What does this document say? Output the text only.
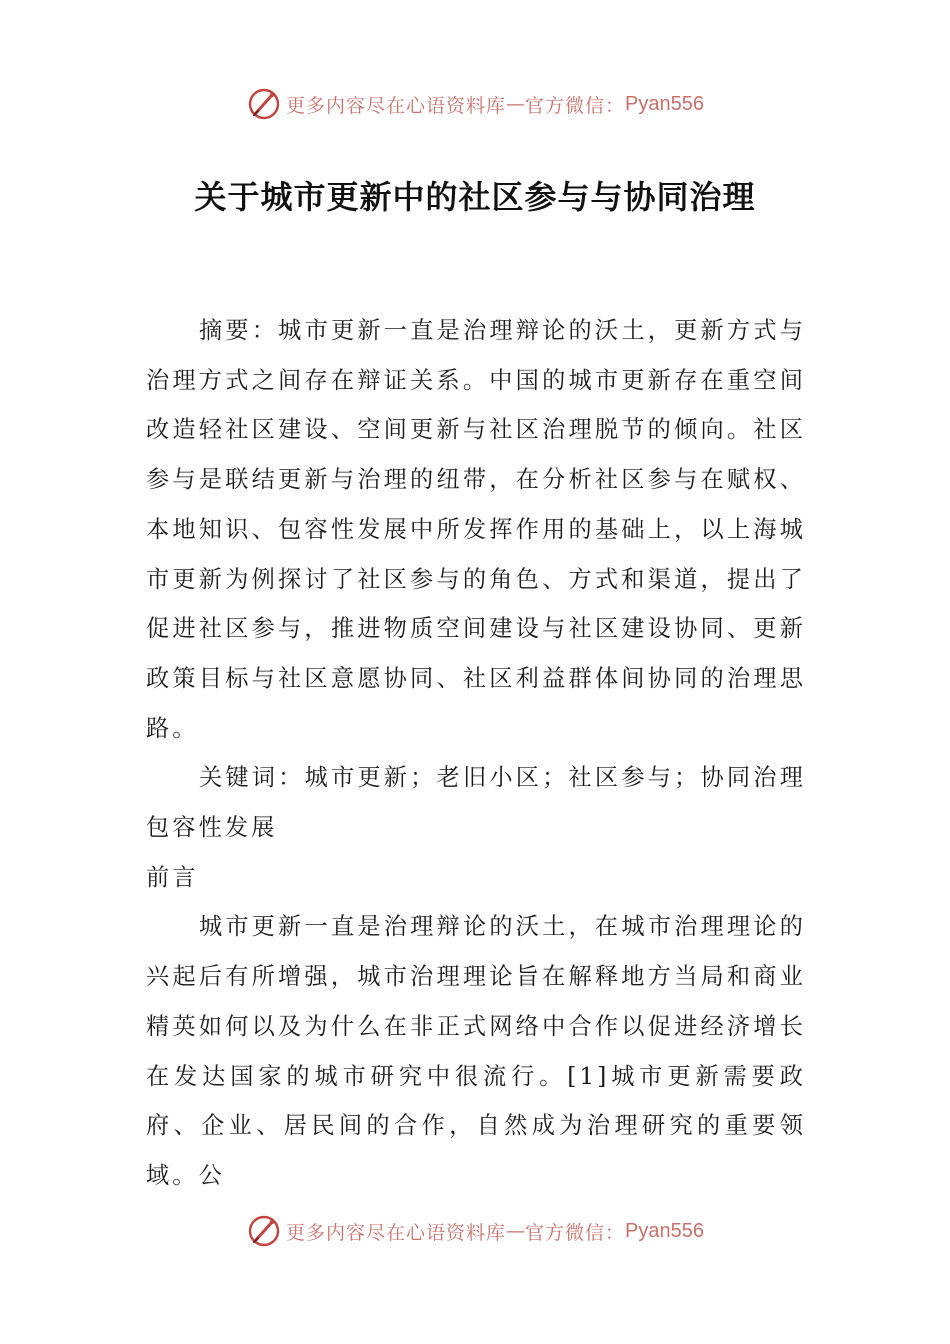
更多内容尽在心语资料库 — 官方微信： Pyan556
关于城市更新中的社区参与与协同治理

摘要：城市更新一直是治理辩论的沃土，更新方式与治理方式之间存在辩证关系。中国的城市更新存在重空间改造轻社区建设、空间更新与社区治理脱节的倾向。社区参与是联结更新与治理的纽带，在分析社区参与在赋权、本地知识、包容性发展中所发挥作用的基础上，以上海城市更新为例探讨了社区参与的角色、方式和渠道，提出了促进社区参与，推进物质空间建设与社区建设协同、更新政策目标与社区意愿协同、社区利益群体间协同的治理思路。

关键词：城市更新；老旧小区；社区参与；协同治理包容性发展

前言

城市更新一直是治理辩论的沃土，在城市治理理论的兴起后有所增强，城市治理理论旨在解释地方当局和商业精英如何以及为什么在非正式网络中合作以促进经济增长在发达国家的城市研究中很流行。[1]城市更新需要政府、企业、居民间的合作，自然成为治理研究的重要领域。公

更多内容尽在心语资料库 — 官方微信： Pyan556
